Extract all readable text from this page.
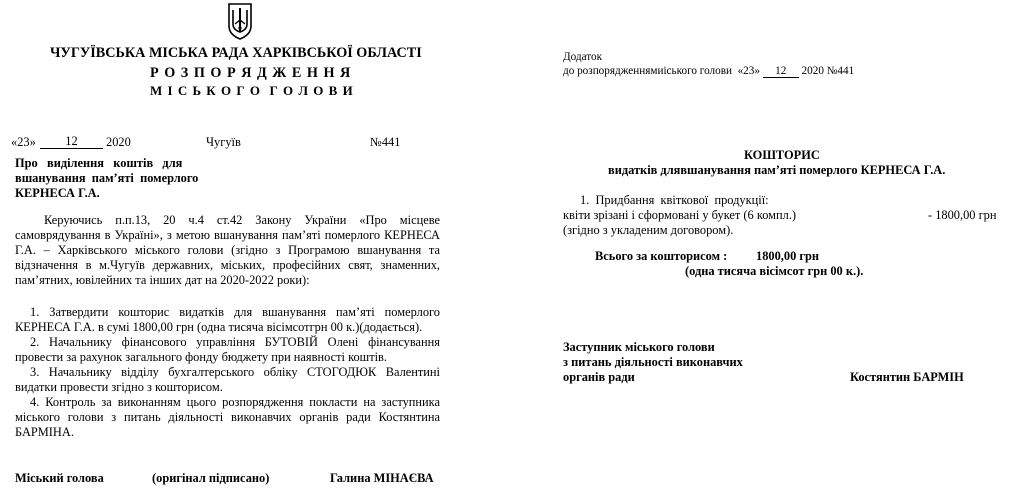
ЧУГУЇВСЬКА МІСЬКА РАДА ХАРКІВСЬКОЇ ОБЛАСТІ
Р О З П О Р Я Д Ж Е Н Н Я
М І С Ь К О Г О  Г О Л О В И
«23»	12	2020	Чугуїв	№441
Про   виділення   коштів   для
вшанування  пам’яті  померлого
КЕРНЕСА Г.А.
Керуючись п.п.13, 20 ч.4 ст.42 Закону України «Про місцеве
самоврядування в Україні», з метою вшанування пам’яті померлого КЕРНЕСА
Г.А. – Харківського міського голови (згідно з Програмою вшанування та
відзначення в м.Чугуїв державних, міських, професійних свят, знаменних,
пам’ятних, ювілейних та інших дат на 2020-2022 роки):
1. Затвердити кошторис видатків для вшанування пам’яті померлого
КЕРНЕСА Г.А. в сумі 1800,00 грн (одна тисяча вісімсотгрн 00 к.)(додається).
2. Начальнику фінансового управління БУТОВІЙ Олені фінансування
провести за рахунок загального фонду бюджету при наявності коштів.
3. Начальнику відділу бухгалтерського обліку СТОГОДЮК Валентині
видатки провести згідно з кошторисом.
4. Контроль за виконанням цього розпорядження покласти на заступника
міського голови з питань діяльності виконавчих органів ради Костянтина
БАРМІНА.
Міський голова	(оригінал підписано)	Галина МІНАЄВА
Додаток
до розпорядженнямиіського голови  «23» 12 2020 №441
КОШТОРИС
видатків длявшанування пам’яті померлого КЕРНЕСА Г.А.
1.  Придбання  квіткової  продукції:
квіти зрізані і сформовані у букет (6 компл.)	- 1800,00 грн
(згідно з укладеним договором).
Всього за кошторисом : 1800,00 грн
(одна тисяча вісімсот грн 00 к.).
Заступник міського голови
з питань діяльності виконавчих
органів ради	Костянтин БАРМІН
